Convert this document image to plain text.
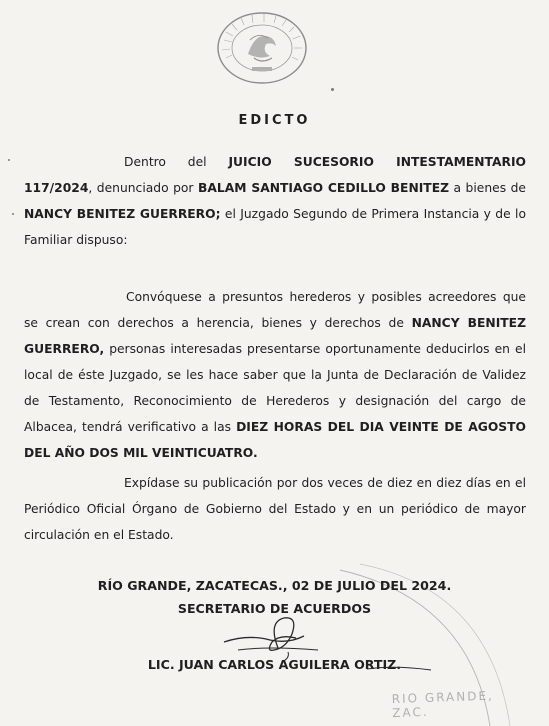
EDICTO

Dentro del JUICIO SUCESORIO INTESTAMENTARIO 117/2024, denunciado por BALAM SANTIAGO CEDILLO BENITEZ a bienes de NANCY BENITEZ GUERRERO; el Juzgado Segundo de Primera Instancia y de lo Familiar dispuso:

Convóquese a presuntos herederos y posibles acreedores que se crean con derechos a herencia, bienes y derechos de NANCY BENITEZ GUERRERO, personas interesadas presentarse oportunamente deducirlos en el local de éste Juzgado, se les hace saber que la Junta de Declaración de Validez de Testamento, Reconocimiento de Herederos y designación del cargo de Albacea, tendrá verificativo a las DIEZ HORAS DEL DIA VEINTE DE AGOSTO DEL AÑO DOS MIL VEINTICUATRO.

Expídase su publicación por dos veces de diez en diez días en el Periódico Oficial Órgano de Gobierno del Estado y en un periódico de mayor circulación en el Estado.

RÍO GRANDE, ZACATECAS., 02 DE JULIO DEL 2024.

SECRETARIO DE ACUERDOS

LIC. JUAN CARLOS AGUILERA ORTIZ.

RIO GRANDE, ZAC.
